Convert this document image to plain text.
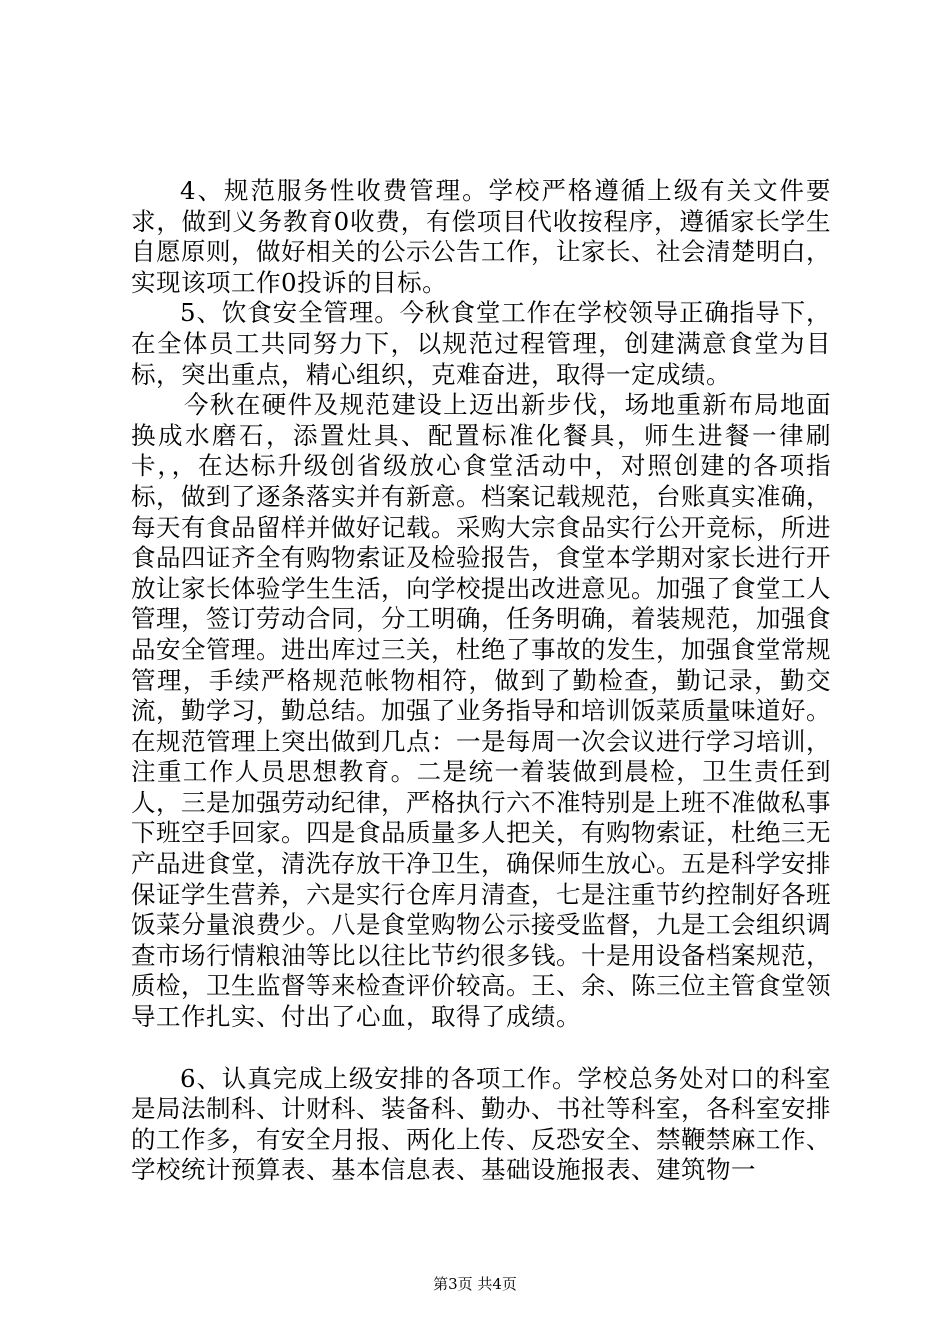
4、规范服务性收费管理。学校严格遵循上级有关文件要求，做到义务教育0收费，有偿项目代收按程序，遵循家长学生自愿原则，做好相关的公示公告工作，让家长、社会清楚明白，实现该项工作0投诉的目标。

5、饮食安全管理。今秋食堂工作在学校领导正确指导下，在全体员工共同努力下，以规范过程管理，创建满意食堂为目标，突出重点，精心组织，克难奋进，取得一定成绩。

今秋在硬件及规范建设上迈出新步伐，场地重新布局地面换成水磨石，添置灶具、配置标准化餐具，师生进餐一律刷卡，，在达标升级创省级放心食堂活动中，对照创建的各项指标，做到了逐条落实并有新意。档案记载规范，台账真实准确，每天有食品留样并做好记载。采购大宗食品实行公开竞标，所进食品四证齐全有购物索证及检验报告，食堂本学期对家长进行开放让家长体验学生生活，向学校提出改进意见。加强了食堂工人管理，签订劳动合同，分工明确，任务明确，着装规范，加强食品安全管理。进出库过三关，杜绝了事故的发生，加强食堂常规管理，手续严格规范帐物相符，做到了勤检查，勤记录，勤交流，勤学习，勤总结。加强了业务指导和培训饭菜质量味道好。在规范管理上突出做到几点：一是每周一次会议进行学习培训，注重工作人员思想教育。二是统一着装做到晨检，卫生责任到人，三是加强劳动纪律，严格执行六不准特别是上班不准做私事下班空手回家。四是食品质量多人把关，有购物索证，杜绝三无产品进食堂，清洗存放干净卫生，确保师生放心。五是科学安排保证学生营养，六是实行仓库月清查，七是注重节约控制好各班饭菜分量浪费少。八是食堂购物公示接受监督，九是工会组织调查市场行情粮油等比以往比节约很多钱。十是用设备档案规范，质检，卫生监督等来检查评价较高。王、余、陈三位主管食堂领导工作扎实、付出了心血，取得了成绩。

6、认真完成上级安排的各项工作。学校总务处对口的科室是局法制科、计财科、装备科、勤办、书社等科室，各科室安排的工作多，有安全月报、两化上传、反恐安全、禁鞭禁麻工作、学校统计预算表、基本信息表、基础设施报表、建筑物一

第3页 共4页
